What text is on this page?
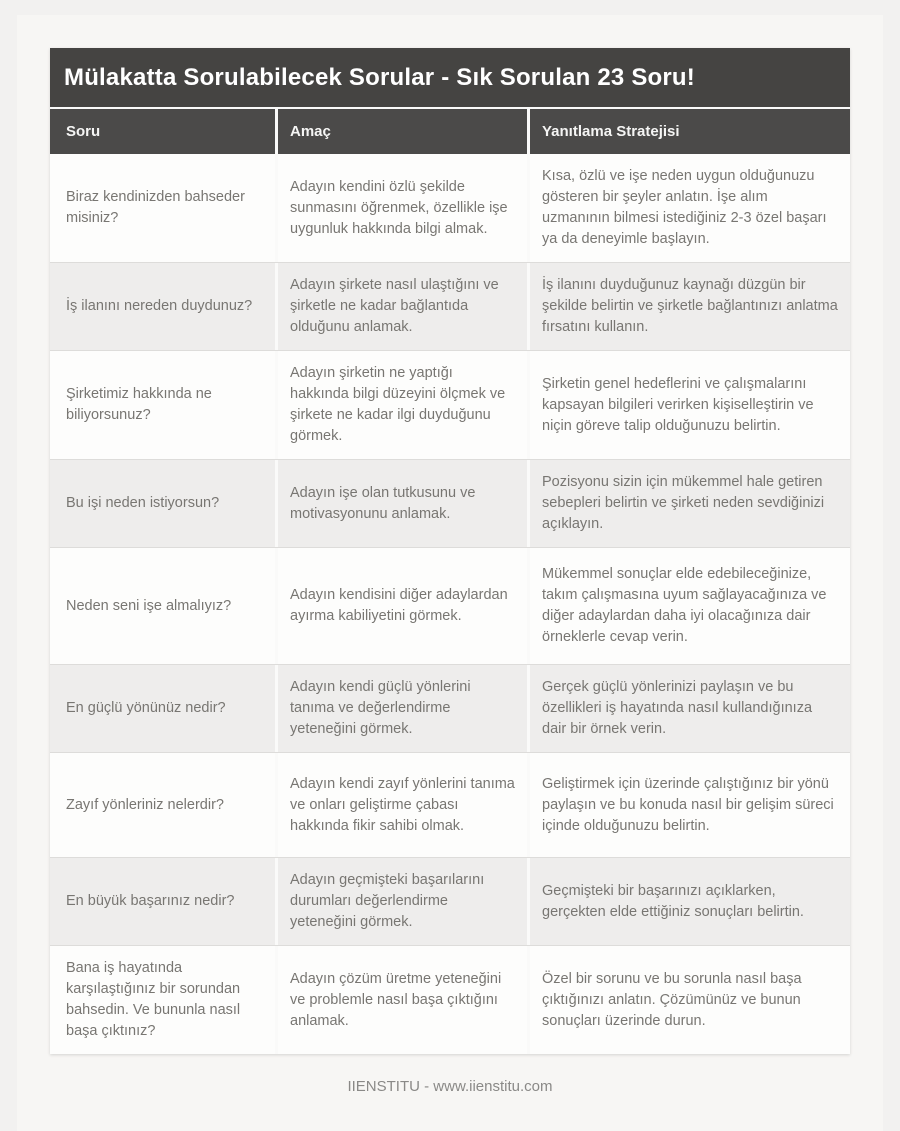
Mülakatta Sorulabilecek Sorular - Sık Sorulan 23 Soru!
Soru	Amaç	Yanıtlama Stratejisi
Biraz kendinizden bahseder misiniz?
Adayın kendini özlü şekilde sunmasını öğrenmek, özellikle işe uygunluk hakkında bilgi almak.
Kısa, özlü ve işe neden uygun olduğunuzu gösteren bir şeyler anlatın. İşe alım uzmanının bilmesi istediğiniz 2-3 özel başarı ya da deneyimle başlayın.
İş ilanını nereden duydunuz?
Adayın şirkete nasıl ulaştığını ve şirketle ne kadar bağlantıda olduğunu anlamak.
İş ilanını duyduğunuz kaynağı düzgün bir şekilde belirtin ve şirketle bağlantınızı anlatma fırsatını kullanın.
Şirketimiz hakkında ne biliyorsunuz?
Adayın şirketin ne yaptığı hakkında bilgi düzeyini ölçmek ve şirkete ne kadar ilgi duyduğunu görmek.
Şirketin genel hedeflerini ve çalışmalarını kapsayan bilgileri verirken kişiselleştirin ve niçin göreve talip olduğunuzu belirtin.
Bu işi neden istiyorsun?
Adayın işe olan tutkusunu ve motivasyonunu anlamak.
Pozisyonu sizin için mükemmel hale getiren sebepleri belirtin ve şirketi neden sevdiğinizi açıklayın.
Neden seni işe almalıyız?
Adayın kendisini diğer adaylardan ayırma kabiliyetini görmek.
Mükemmel sonuçlar elde edebileceğinize, takım çalışmasına uyum sağlayacağınıza ve diğer adaylardan daha iyi olacağınıza dair örneklerle cevap verin.
En güçlü yönünüz nedir?
Adayın kendi güçlü yönlerini tanıma ve değerlendirme yeteneğini görmek.
Gerçek güçlü yönlerinizi paylaşın ve bu özellikleri iş hayatında nasıl kullandığınıza dair bir örnek verin.
Zayıf yönleriniz nelerdir?
Adayın kendi zayıf yönlerini tanıma ve onları geliştirme çabası hakkında fikir sahibi olmak.
Geliştirmek için üzerinde çalıştığınız bir yönü paylaşın ve bu konuda nasıl bir gelişim süreci içinde olduğunuzu belirtin.
En büyük başarınız nedir?
Adayın geçmişteki başarılarını durumları değerlendirme yeteneğini görmek.
Geçmişteki bir başarınızı açıklarken, gerçekten elde ettiğiniz sonuçları belirtin.
Bana iş hayatında karşılaştığınız bir sorundan bahsedin. Ve bununla nasıl başa çıktınız?
Adayın çözüm üretme yeteneğini ve problemle nasıl başa çıktığını anlamak.
Özel bir sorunu ve bu sorunla nasıl başa çıktığınızı anlatın. Çözümünüz ve bunun sonuçları üzerinde durun.
IIENSTITU - www.iienstitu.com
